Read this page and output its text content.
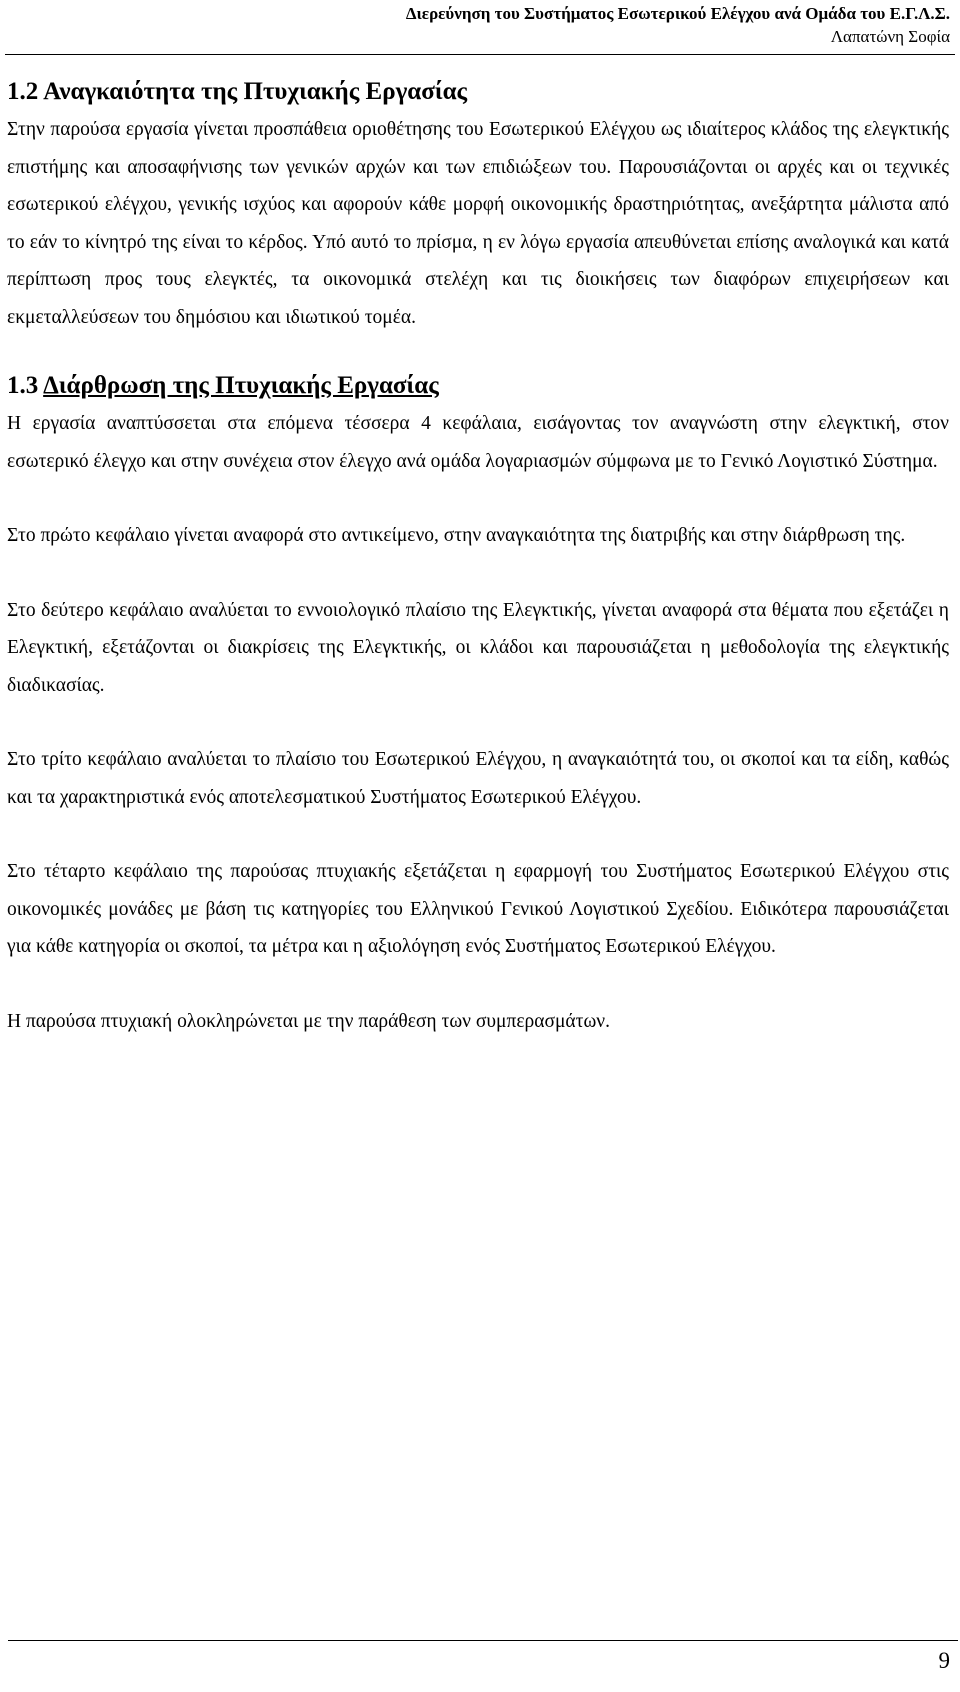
Διερεύνηση του Συστήματος Εσωτερικού Ελέγχου ανά Ομάδα του Ε.Γ.Λ.Σ.
Λαπατώνη Σοφία
1.2 Αναγκαιότητα της Πτυχιακής Εργασίας

Στην παρούσα εργασία γίνεται προσπάθεια οριοθέτησης του Εσωτερικού Ελέγχου ως ιδιαίτερος κλάδος της ελεγκτικής επιστήμης και αποσαφήνισης των γενικών αρχών και των επιδιώξεων του. Παρουσιάζονται οι αρχές και οι τεχνικές εσωτερικού ελέγχου, γενικής ισχύος και αφορούν κάθε μορφή οικονομικής δραστηριότητας, ανεξάρτητα μάλιστα από το εάν το κίνητρό της είναι το κέρδος. Υπό αυτό το πρίσμα, η εν λόγω εργασία απευθύνεται επίσης αναλογικά και κατά περίπτωση προς τους ελεγκτές, τα οικονομικά στελέχη και τις διοικήσεις των διαφόρων επιχειρήσεων και εκμεταλλεύσεων του δημόσιου και ιδιωτικού τομέα.

1.3 Διάρθρωση της Πτυχιακής Εργασίας

Η εργασία αναπτύσσεται στα επόμενα τέσσερα 4 κεφάλαια, εισάγοντας τον αναγνώστη στην ελεγκτική, στον εσωτερικό έλεγχο και στην συνέχεια στον έλεγχο ανά ομάδα λογαριασμών σύμφωνα με το Γενικό Λογιστικό Σύστημα.

Στο πρώτο κεφάλαιο γίνεται αναφορά στο αντικείμενο, στην αναγκαιότητα της διατριβής και στην διάρθρωση της.

Στο δεύτερο κεφάλαιο αναλύεται το εννοιολογικό πλαίσιο της Ελεγκτικής, γίνεται αναφορά στα θέματα που εξετάζει η Ελεγκτική, εξετάζονται οι διακρίσεις της Ελεγκτικής, οι κλάδοι και παρουσιάζεται η μεθοδολογία της ελεγκτικής διαδικασίας.

Στο τρίτο κεφάλαιο αναλύεται το πλαίσιο του Εσωτερικού Ελέγχου, η αναγκαιότητά του, οι σκοποί και τα είδη, καθώς και τα χαρακτηριστικά ενός αποτελεσματικού Συστήματος Εσωτερικού Ελέγχου.

Στο τέταρτο κεφάλαιο της παρούσας πτυχιακής εξετάζεται η εφαρμογή του Συστήματος Εσωτερικού Ελέγχου στις οικονομικές μονάδες με βάση τις κατηγορίες του Ελληνικού Γενικού Λογιστικού Σχεδίου. Ειδικότερα παρουσιάζεται για κάθε κατηγορία οι σκοποί, τα μέτρα και η αξιολόγηση ενός Συστήματος Εσωτερικού Ελέγχου.

Η παρούσα πτυχιακή ολοκληρώνεται με την παράθεση των συμπερασμάτων.

9
